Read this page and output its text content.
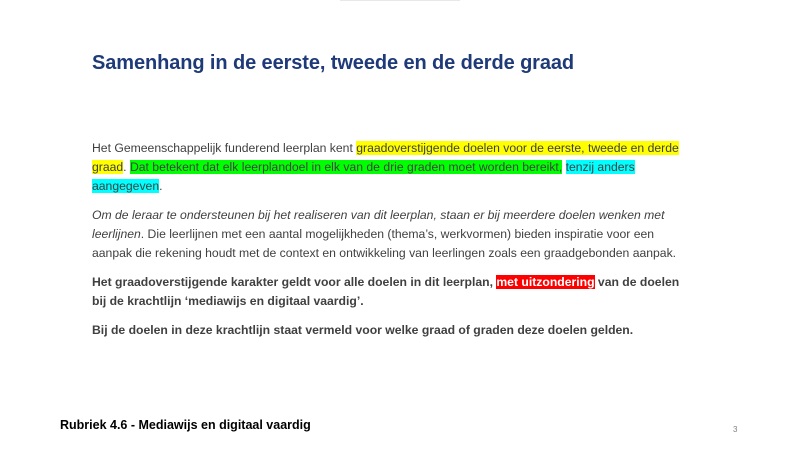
Samenhang in de eerste, tweede en de derde graad

Het Gemeenschappelijk funderend leerplan kent graadoverstijgende doelen voor de eerste, tweede en derde graad. Dat betekent dat elk leerplandoel in elk van de drie graden moet worden bereikt, tenzij anders aangegeven.

Om de leraar te ondersteunen bij het realiseren van dit leerplan, staan er bij meerdere doelen wenken met leerlijnen. Die leerlijnen met een aantal mogelijkheden (thema’s, werkvormen) bieden inspiratie voor een aanpak die rekening houdt met de context en ontwikkeling van leerlingen zoals een graadgebonden aanpak.

Het graadoverstijgende karakter geldt voor alle doelen in dit leerplan, met uitzondering van de doelen bij de krachtlijn ‘mediawijs en digitaal vaardig’.

Bij de doelen in deze krachtlijn staat vermeld voor welke graad of graden deze doelen gelden.

Rubriek 4.6 - Mediawijs en digitaal vaardig	3
